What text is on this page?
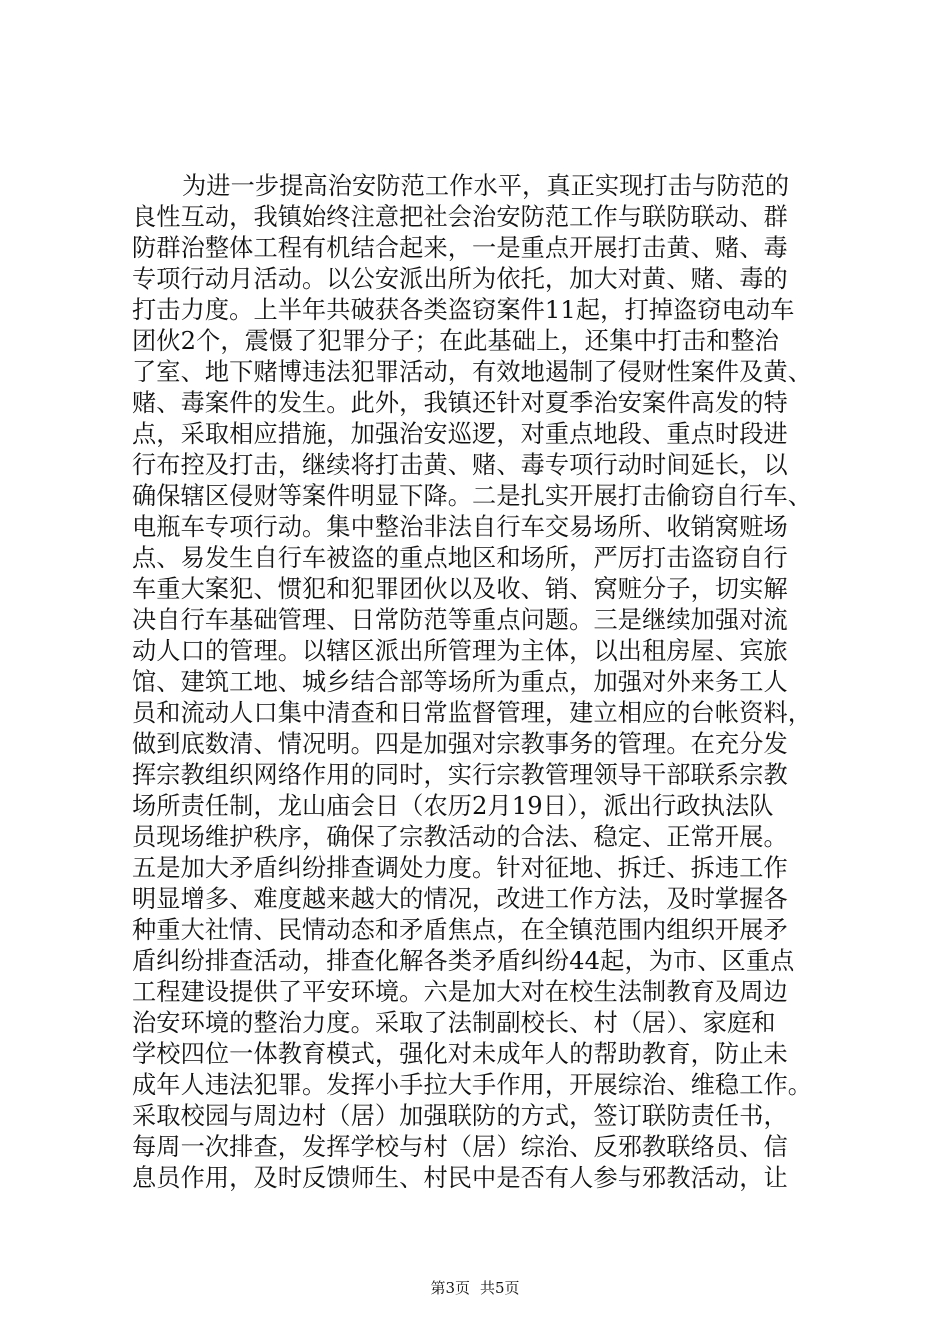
为进一步提高治安防范工作水平，真正实现打击与防范的
良性互动，我镇始终注意把社会治安防范工作与联防联动、群
防群治整体工程有机结合起来，一是重点开展打击黄、赌、毒
专项行动月活动。以公安派出所为依托，加大对黄、赌、毒的
打击力度。上半年共破获各类盗窃案件11起，打掉盗窃电动车
团伙2个，震慑了犯罪分子；在此基础上，还集中打击和整治
了室、地下赌博违法犯罪活动，有效地遏制了侵财性案件及黄、
赌、毒案件的发生。此外，我镇还针对夏季治安案件高发的特
点，采取相应措施，加强治安巡逻，对重点地段、重点时段进
行布控及打击，继续将打击黄、赌、毒专项行动时间延长，以
确保辖区侵财等案件明显下降。二是扎实开展打击偷窃自行车、
电瓶车专项行动。集中整治非法自行车交易场所、收销窝赃场
点、易发生自行车被盗的重点地区和场所，严厉打击盗窃自行
车重大案犯、惯犯和犯罪团伙以及收、销、窝赃分子，切实解
决自行车基础管理、日常防范等重点问题。三是继续加强对流
动人口的管理。以辖区派出所管理为主体，以出租房屋、宾旅
馆、建筑工地、城乡结合部等场所为重点，加强对外来务工人
员和流动人口集中清查和日常监督管理，建立相应的台帐资料，
做到底数清、情况明。四是加强对宗教事务的管理。在充分发
挥宗教组织网络作用的同时，实行宗教管理领导干部联系宗教
场所责任制，龙山庙会日（农历2月19日），派出行政执法队
员现场维护秩序，确保了宗教活动的合法、稳定、正常开展。
五是加大矛盾纠纷排查调处力度。针对征地、拆迁、拆违工作
明显增多、难度越来越大的情况，改进工作方法，及时掌握各
种重大社情、民情动态和矛盾焦点，在全镇范围内组织开展矛
盾纠纷排查活动，排查化解各类矛盾纠纷44起，为市、区重点
工程建设提供了平安环境。六是加大对在校生法制教育及周边
治安环境的整治力度。采取了法制副校长、村（居）、家庭和
学校四位一体教育模式，强化对未成年人的帮助教育，防止未
成年人违法犯罪。发挥小手拉大手作用，开展综治、维稳工作。
采取校园与周边村（居）加强联防的方式，签订联防责任书，
每周一次排查，发挥学校与村（居）综治、反邪教联络员、信
息员作用，及时反馈师生、村民中是否有人参与邪教活动，让
第3页 共5页
